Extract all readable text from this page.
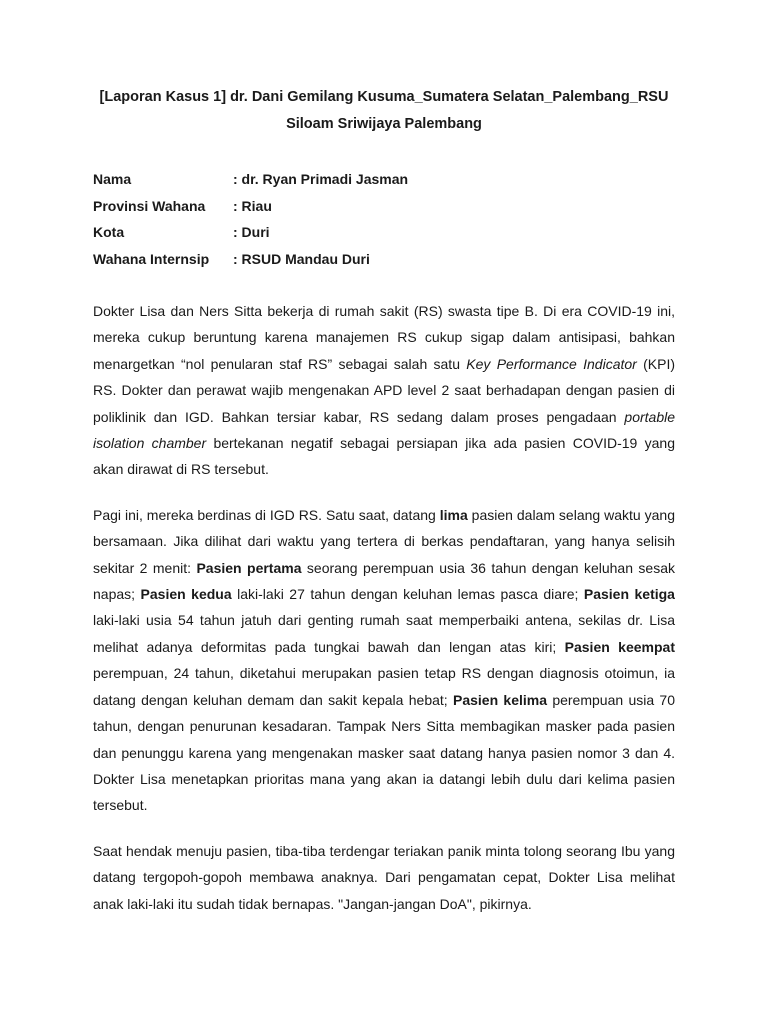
[Laporan Kasus 1] dr. Dani Gemilang Kusuma_Sumatera Selatan_Palembang_RSU Siloam Sriwijaya Palembang

Nama	: dr. Ryan Primadi Jasman
Provinsi Wahana	: Riau
Kota	: Duri
Wahana Internsip	: RSUD Mandau Duri

Dokter Lisa dan Ners Sitta bekerja di rumah sakit (RS) swasta tipe B. Di era COVID-19 ini, mereka cukup beruntung karena manajemen RS cukup sigap dalam antisipasi, bahkan menargetkan “nol penularan staf RS” sebagai salah satu Key Performance Indicator (KPI) RS. Dokter dan perawat wajib mengenakan APD level 2 saat berhadapan dengan pasien di poliklinik dan IGD. Bahkan tersiar kabar, RS sedang dalam proses pengadaan portable isolation chamber bertekanan negatif sebagai persiapan jika ada pasien COVID-19 yang akan dirawat di RS tersebut.

Pagi ini, mereka berdinas di IGD RS. Satu saat, datang lima pasien dalam selang waktu yang bersamaan. Jika dilihat dari waktu yang tertera di berkas pendaftaran, yang hanya selisih sekitar 2 menit: Pasien pertama seorang perempuan usia 36 tahun dengan keluhan sesak napas; Pasien kedua laki-laki 27 tahun dengan keluhan lemas pasca diare; Pasien ketiga laki-laki usia 54 tahun jatuh dari genting rumah saat memperbaiki antena, sekilas dr. Lisa melihat adanya deformitas pada tungkai bawah dan lengan atas kiri; Pasien keempat perempuan, 24 tahun, diketahui merupakan pasien tetap RS dengan diagnosis otoimun, ia datang dengan keluhan demam dan sakit kepala hebat; Pasien kelima perempuan usia 70 tahun, dengan penurunan kesadaran. Tampak Ners Sitta membagikan masker pada pasien dan penunggu karena yang mengenakan masker saat datang hanya pasien nomor 3 dan 4. Dokter Lisa menetapkan prioritas mana yang akan ia datangi lebih dulu dari kelima pasien tersebut.

Saat hendak menuju pasien, tiba-tiba terdengar teriakan panik minta tolong seorang Ibu yang datang tergopoh-gopoh membawa anaknya. Dari pengamatan cepat, Dokter Lisa melihat anak laki-laki itu sudah tidak bernapas. "Jangan-jangan DoA", pikirnya.
